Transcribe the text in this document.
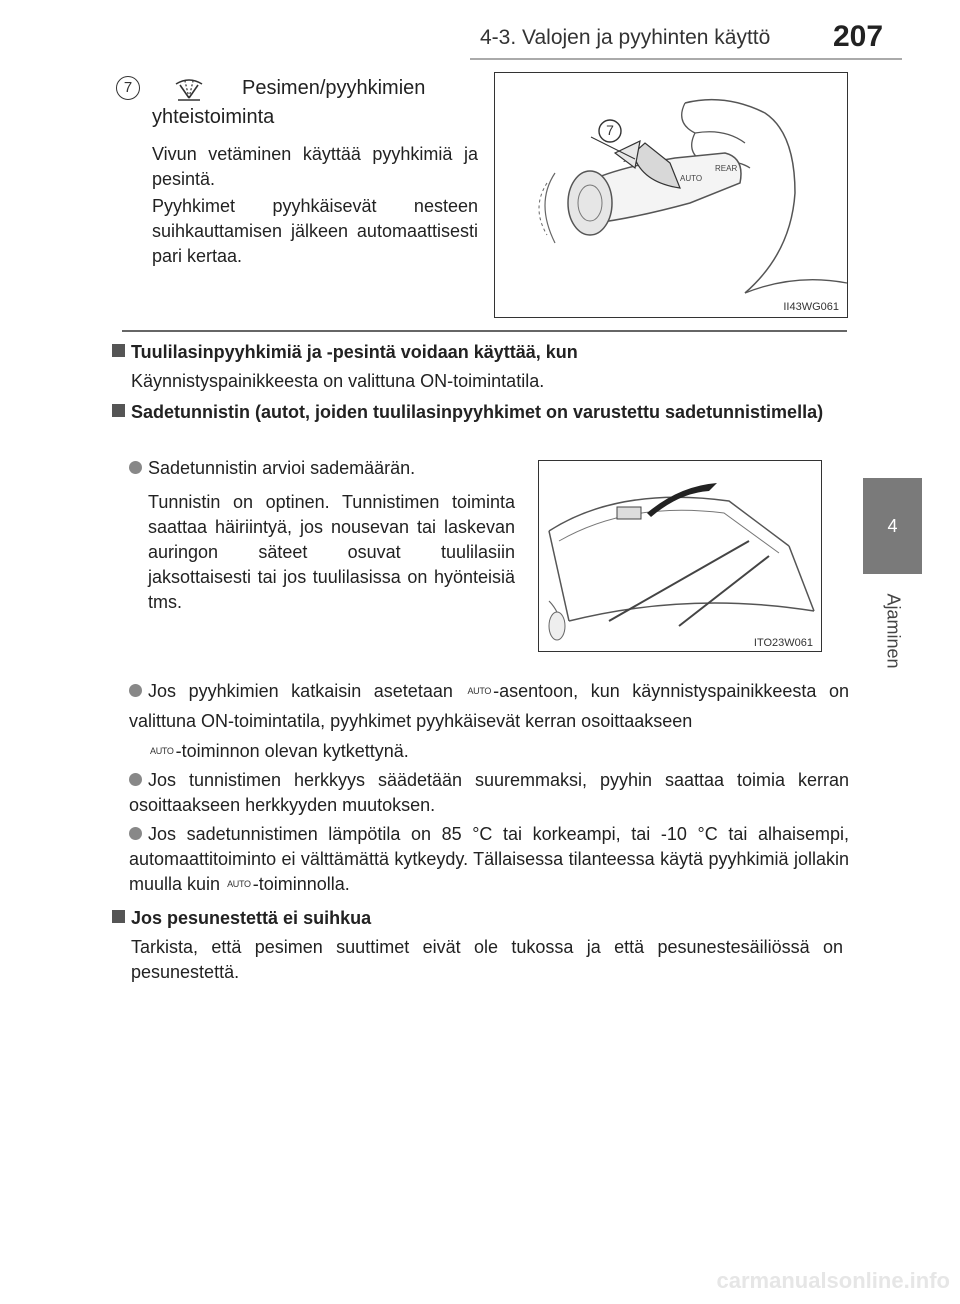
4-3. Valojen ja pyyhinten käyttö 207
4
Ajaminen
7	Pesimen/pyyhkimien
yhteistoiminta
Vivun vetäminen käyttää pyyhkimiä ja pesintä.
Pyyhkimet pyyhkäisevät nesteen suihkauttamisen jälkeen automaattisesti pari kertaa.
AUTO
REAR
7
II43WG061
Tuulilasinpyyhkimiä ja -pesintä voidaan käyttää, kun
Käynnistyspainikkeesta on valittuna ON-toimintatila.
Sadetunnistin (autot, joiden tuulilasinpyyhkimet on varustettu sadetunnistimella)
Sadetunnistin arvioi sademäärän.
Tunnistin on optinen. Tunnistimen toiminta saattaa häiriintyä, jos nousevan tai laskevan auringon säteet osuvat tuulilasiin jaksottaisesti tai jos tuulilasissa on hyönteisiä tms.
ITO23W061
Jos pyyhkimien katkaisin asetetaan AUTO -asentoon, kun käynnistyspainikkeesta on valittuna ON-toimintatila, pyyhkimet pyyhkäisevät kerran osoittaakseen
AUTO -toiminnon olevan kytkettynä.
Jos tunnistimen herkkyys säädetään suuremmaksi, pyyhin saattaa toimia kerran osoittaakseen herkkyyden muutoksen.
Jos sadetunnistimen lämpötila on 85 °C tai korkeampi, tai -10 °C tai alhaisempi, automaattitoiminto ei välttämättä kytkeydy. Tällaisessa tilanteessa käytä pyyhkimiä jollakin muulla kuin AUTO -toiminnolla.
Jos pesunestettä ei suihkua
Tarkista, että pesimen suuttimet eivät ole tukossa ja että pesunestesäiliössä on pesunestettä.
carmanualsonline.info
